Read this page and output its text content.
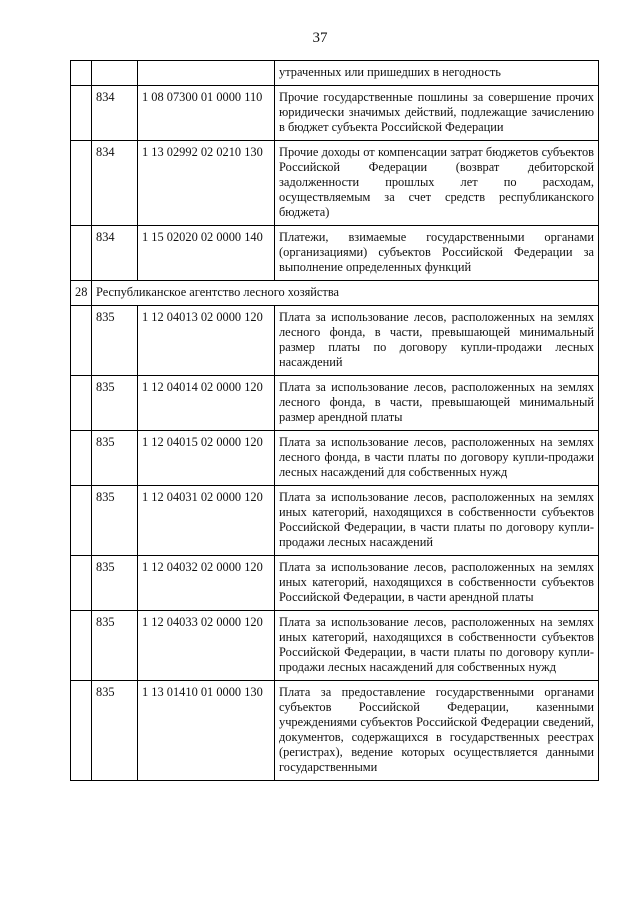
37
			утраченных или пришедших в негодность
	834	1 08 07300 01 0000 110	Прочие государственные пошлины за совершение прочих юридически значимых действий, подлежащие зачислению в бюджет субъекта Российской Федерации
	834	1 13 02992 02 0210 130	Прочие доходы от компенсации затрат бюджетов субъектов Российской Федерации (возврат дебиторской задолженности прошлых лет по расходам, осуществляемым за счет средств республиканского бюджета)
	834	1 15 02020 02 0000 140	Платежи, взимаемые государственными органами (организациями) субъектов Российской Федерации за выполнение определенных функций
28	Республиканское агентство лесного хозяйства		
	835	1 12 04013 02 0000 120	Плата за использование лесов, расположенных на землях лесного фонда, в части, превышающей минимальный размер платы по договору купли-продажи лесных насаждений
	835	1 12 04014 02 0000 120	Плата за использование лесов, расположенных на землях лесного фонда, в части, превышающей минимальный размер арендной платы
	835	1 12 04015 02 0000 120	Плата за использование лесов, расположенных на землях лесного фонда, в части платы по договору купли-продажи лесных насаждений для собственных нужд
	835	1 12 04031 02 0000 120	Плата за использование лесов, расположенных на землях иных категорий, находящихся в собственности субъектов Российской Федерации, в части платы по договору купли-продажи лесных насаждений
	835	1 12 04032 02 0000 120	Плата за использование лесов, расположенных на землях иных категорий, находящихся в собственности субъектов Российской Федерации, в части арендной платы
	835	1 12 04033 02 0000 120	Плата за использование лесов, расположенных на землях иных категорий, находящихся в собственности субъектов Российской Федерации, в части платы по договору купли-продажи лесных насаждений для собственных нужд
	835	1 13 01410 01 0000 130	Плата за предоставление государственными органами субъектов Российской Федерации, казенными учреждениями субъектов Российской Федерации сведений, документов, содержащихся в государственных реестрах (регистрах), ведение которых осуществляется данными государственными
